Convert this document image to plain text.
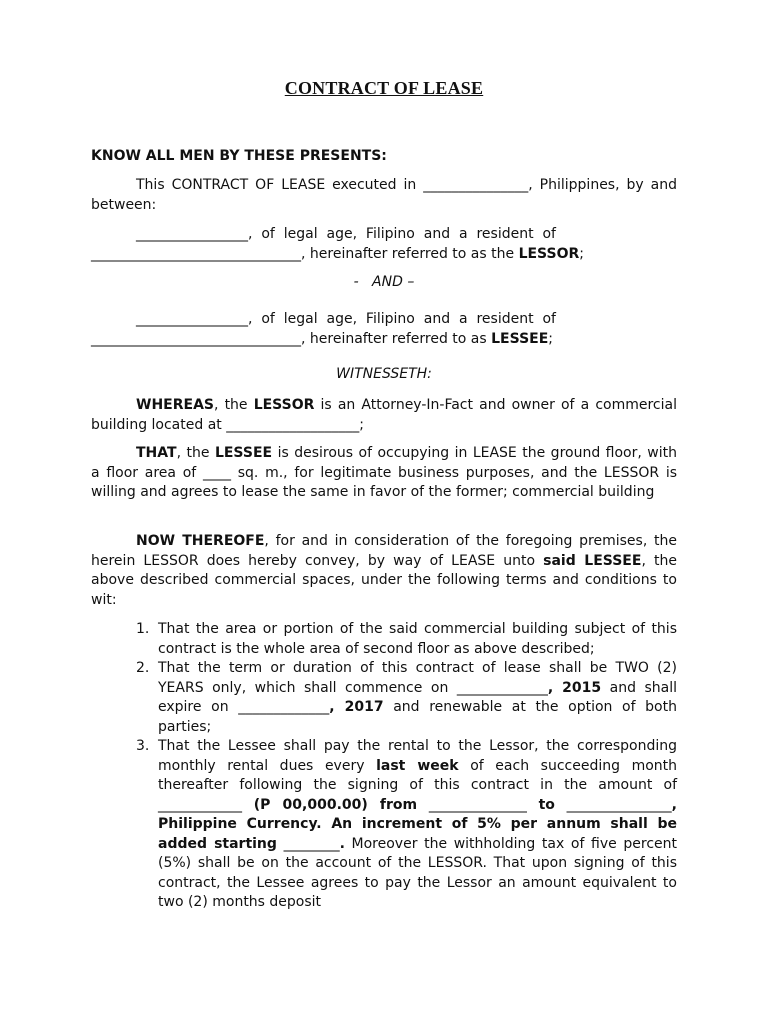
CONTRACT OF LEASE
KNOW ALL MEN BY THESE PRESENTS:
This CONTRACT OF LEASE executed in _______________, Philippines, by and between:
________________,  of  legal  age,  Filipino  and  a  resident  of
______________________________, hereinafter referred to as the LESSOR;
-   AND –
________________,  of  legal  age,  Filipino  and  a  resident  of
______________________________, hereinafter referred to as LESSEE;
WITNESSETH:
WHEREAS, the LESSOR is an Attorney-In-Fact and owner of a commercial building located at ___________________;
THAT, the LESSEE is desirous of occupying in LEASE the ground floor, with a floor area of ____ sq. m., for legitimate business purposes, and the LESSOR is willing and agrees to lease the same in favor of the former; commercial building
NOW THEREOFE, for and in consideration of the foregoing premises, the herein LESSOR does hereby convey, by way of LEASE unto said LESSEE, the above described commercial spaces, under the following terms and conditions to wit:
1. That the area or portion of the said commercial building subject of this contract is the whole area of second floor as above described;
2. That the term or duration of this contract of lease shall be TWO (2) YEARS only, which shall commence on _____________, 2015 and shall expire on _____________, 2017 and renewable at the option of both parties;
3. That the Lessee shall pay the rental to the Lessor, the corresponding monthly rental dues every last week of each succeeding month thereafter following the signing of this contract in the amount of ____________ (P 00,000.00) from ______________ to _______________, Philippine Currency. An increment of 5% per annum shall be added starting ________. Moreover the withholding tax of five percent (5%) shall be on the account of the LESSOR. That upon signing of this contract, the Lessee agrees to pay the Lessor an amount equivalent to two (2) months deposit
